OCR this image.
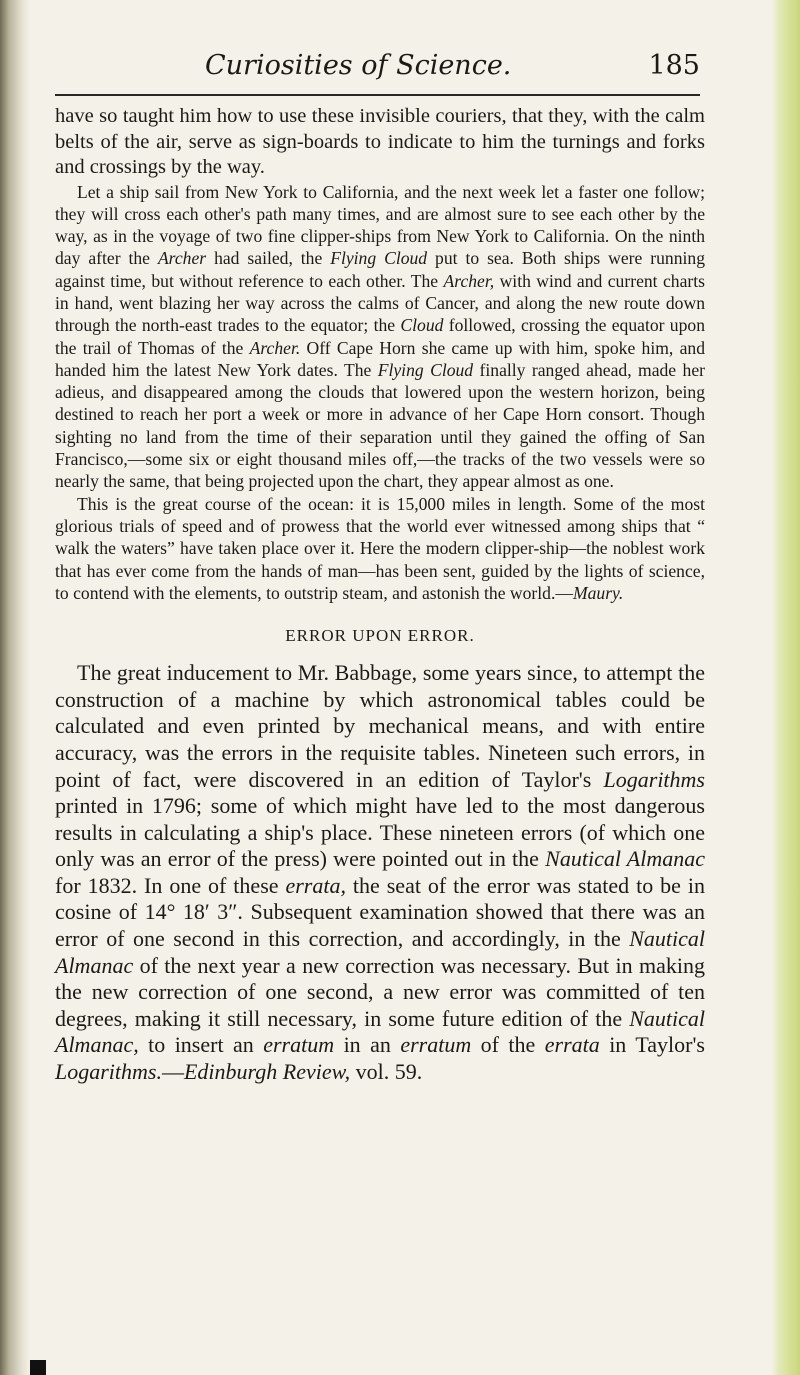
Curiosities of Science.	185

have so taught him how to use these invisible couriers, that they, with the calm belts of the air, serve as sign-boards to indicate to him the turnings and forks and crossings by the way.

Let a ship sail from New York to California, and the next week let a faster one follow; they will cross each other's path many times, and are almost sure to see each other by the way, as in the voyage of two fine clipper-ships from New York to California. On the ninth day after the Archer had sailed, the Flying Cloud put to sea. Both ships were running against time, but without reference to each other. The Archer, with wind and current charts in hand, went blazing her way across the calms of Cancer, and along the new route down through the north-east trades to the equator; the Cloud followed, crossing the equator upon the trail of Thomas of the Archer. Off Cape Horn she came up with him, spoke him, and handed him the latest New York dates. The Flying Cloud finally ranged ahead, made her adieus, and disappeared among the clouds that lowered upon the western horizon, being destined to reach her port a week or more in advance of her Cape Horn consort. Though sighting no land from the time of their separation until they gained the offing of San Francisco,—some six or eight thousand miles off,—the tracks of the two vessels were so nearly the same, that being projected upon the chart, they appear almost as one.

This is the great course of the ocean: it is 15,000 miles in length. Some of the most glorious trials of speed and of prowess that the world ever witnessed among ships that “ walk the waters” have taken place over it. Here the modern clipper-ship—the noblest work that has ever come from the hands of man—has been sent, guided by the lights of science, to contend with the elements, to outstrip steam, and astonish the world.—Maury.

ERROR UPON ERROR.

The great inducement to Mr. Babbage, some years since, to attempt the construction of a machine by which astronomical tables could be calculated and even printed by mechanical means, and with entire accuracy, was the errors in the requisite tables. Nineteen such errors, in point of fact, were discovered in an edition of Taylor's Logarithms printed in 1796; some of which might have led to the most dangerous results in calculating a ship's place. These nineteen errors (of which one only was an error of the press) were pointed out in the Nautical Almanac for 1832. In one of these errata, the seat of the error was stated to be in cosine of 14° 18′ 3″. Subsequent examination showed that there was an error of one second in this correction, and accordingly, in the Nautical Almanac of the next year a new correction was necessary. But in making the new correction of one second, a new error was committed of ten degrees, making it still necessary, in some future edition of the Nautical Almanac, to insert an erratum in an erratum of the errata in Taylor's Logarithms.—Edinburgh Review, vol. 59.
